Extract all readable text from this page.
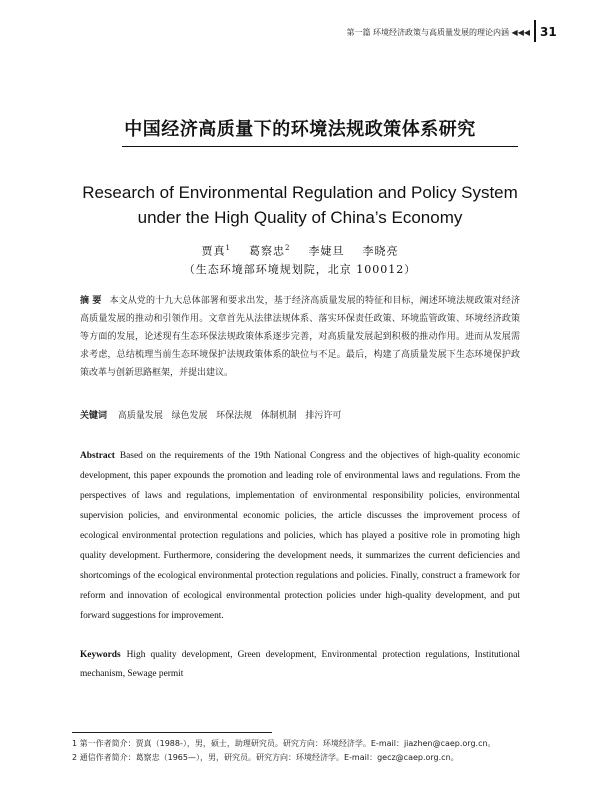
第一篇 环境经济政策与高质量发展的理论内涵 ◀◀◀ 31
中国经济高质量下的环境法规政策体系研究
Research of Environmental Regulation and Policy System under the High Quality of China’s Economy
贾真$^1$ 葛察忠$^2$ 李婕旦 李晓亮
（生态环境部环境规划院，北京 100012）
摘 要 本文从党的十九大总体部署和要求出发，基于经济高质量发展的特征和目标，阐述环境法规政策对经济高质量发展的推动和引领作用。文章首先从法律法规体系、落实环保责任政策、环境监管政策、环境经济政策等方面的发展，论述现有生态环保法规政策体系逐步完善，对高质量发展起到积极的推动作用。进而从发展需求考虑，总结梳理当前生态环境保护法规政策体系的缺位与不足。最后，构建了高质量发展下生态环境保护政策改革与创新思路框架，并提出建议。
关键词 高质量发展 绿色发展 环保法规 体制机制 排污许可
Abstract Based on the requirements of the 19th National Congress and the objectives of high-quality economic development, this paper expounds the promotion and leading role of environmental laws and regulations. From the perspectives of laws and regulations, implementation of environmental responsibility policies, environmental supervision policies, and environmental economic policies, the article discusses the improvement process of ecological environmental protection regulations and policies, which has played a positive role in promoting high quality development. Furthermore, considering the development needs, it summarizes the current deficiencies and shortcomings of the ecological environmental protection regulations and policies. Finally, construct a framework for reform and innovation of ecological environmental protection policies under high-quality development, and put forward suggestions for improvement.
Keywords High quality development, Green development, Environmental protection regulations, Institutional mechanism, Sewage permit
1 第一作者简介：贾真（1988-），男，硕士，助理研究员。研究方向：环境经济学。E-mail：jiazhen@caep.org.cn。
2 通信作者简介：葛察忠（1965—），男，研究员。研究方向：环境经济学。E-mail：gecz@caep.org.cn。
